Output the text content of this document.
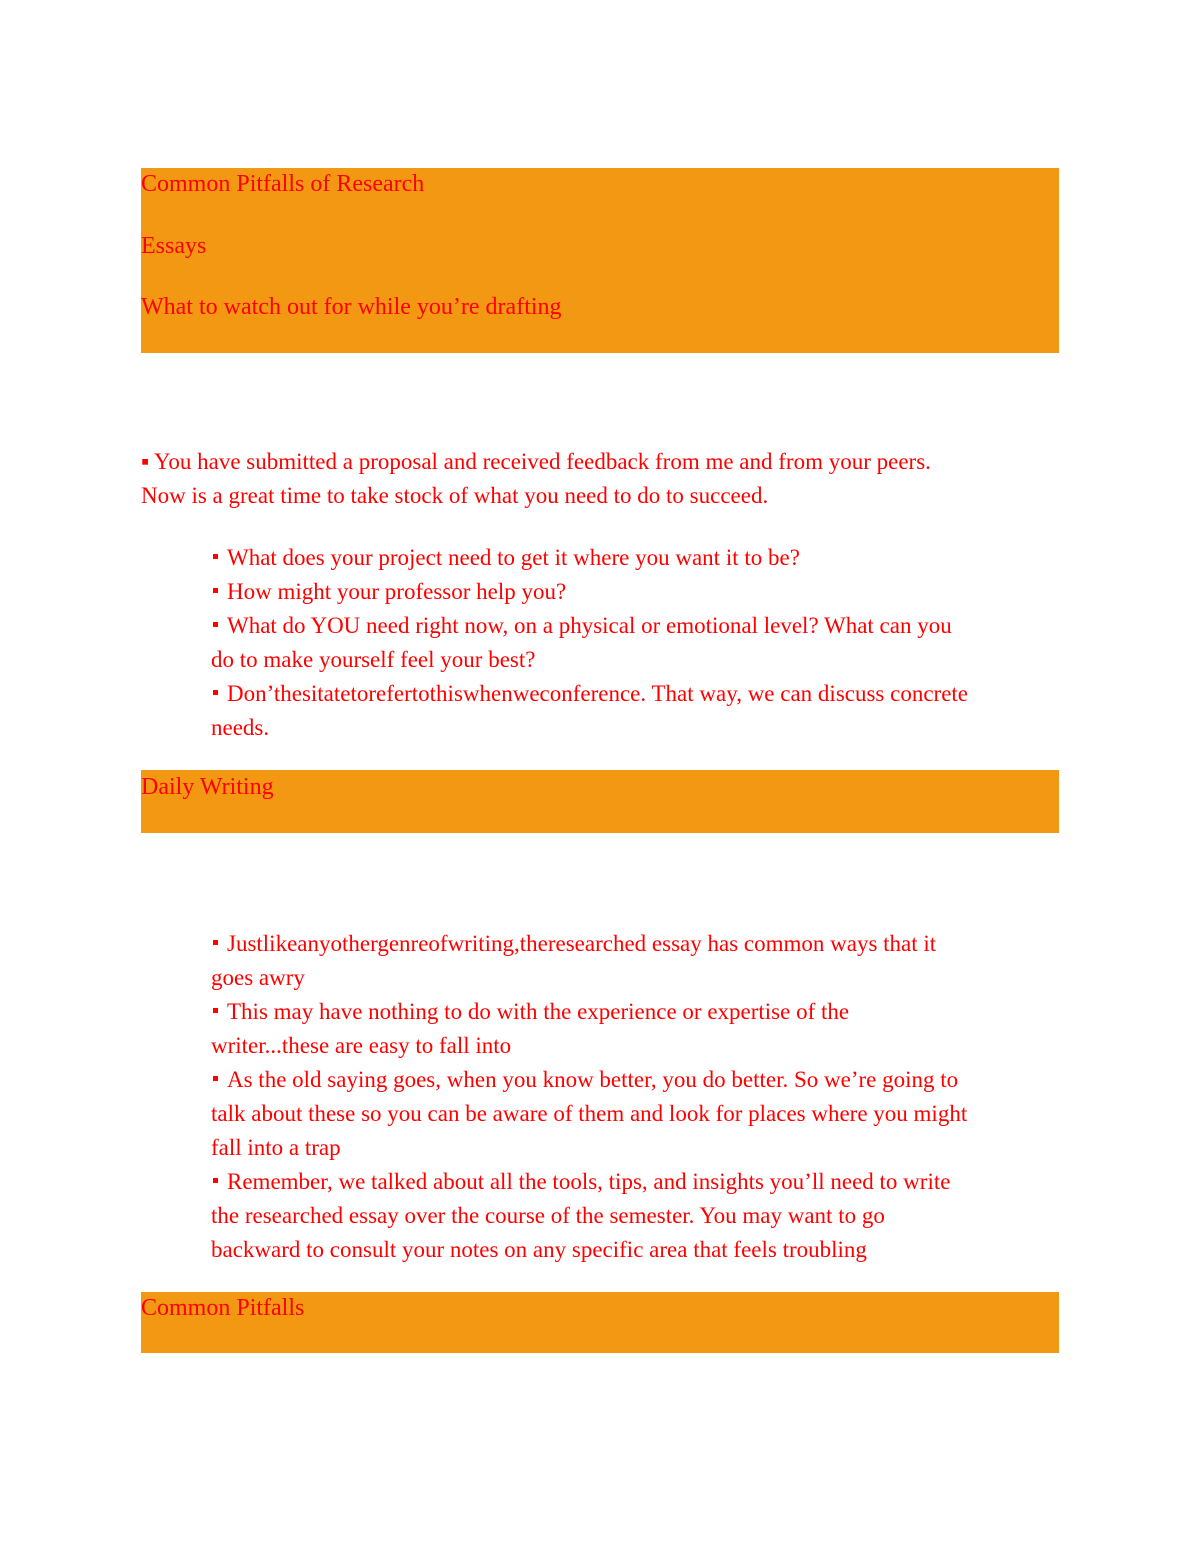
Common Pitfalls of Research
Essays
What to watch out for while you’re drafting
▪ You have submitted a proposal and received feedback from me and from your peers.
Now is a great time to take stock of what you need to do to succeed.
What does your project need to get it where you want it to be?
How might your professor help you?
What do YOU need right now, on a physical or emotional level? What can you
do to make yourself feel your best?
Don’thesitatetorefertothiswhenweconference. That way, we can discuss concrete
needs.
Daily Writing
Justlikeanyothergenreofwriting,theresearched essay has common ways that it
goes awry
This may have nothing to do with the experience or expertise of the
writer...these are easy to fall into
As the old saying goes, when you know better, you do better. So we’re going to
talk about these so you can be aware of them and look for places where you might
fall into a trap
Remember, we talked about all the tools, tips, and insights you’ll need to write
the researched essay over the course of the semester. You may want to go
backward to consult your notes on any specific area that feels troubling
Common Pitfalls
